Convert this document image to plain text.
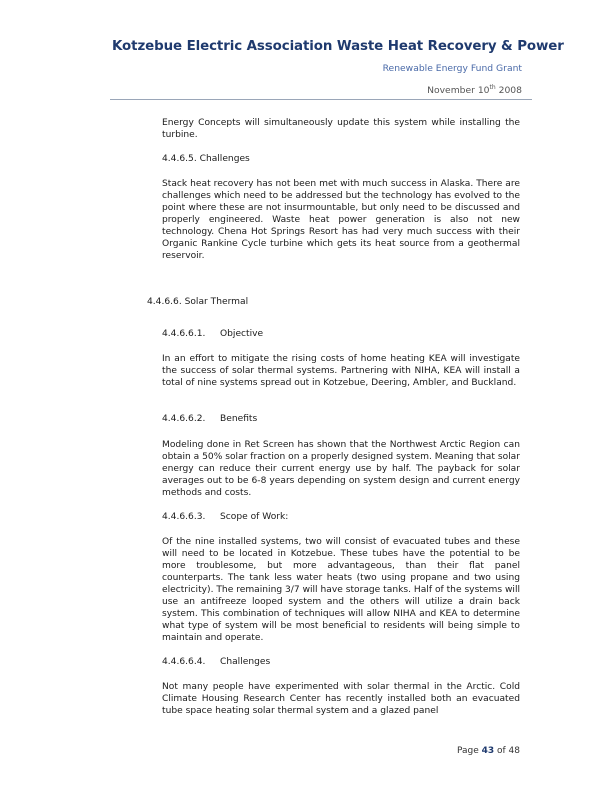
Kotzebue Electric Association Waste Heat Recovery & Power
Renewable Energy Fund Grant
November 10th 2008
Energy Concepts will simultaneously update this system while installing the turbine.
4.4.6.5. Challenges
Stack heat recovery has not been met with much success in Alaska. There are challenges which need to be addressed but the technology has evolved to the point where these are not insurmountable, but only need to be discussed and properly engineered. Waste heat power generation is also not new technology. Chena Hot Springs Resort has had very much success with their Organic Rankine Cycle turbine which gets its heat source from a geothermal reservoir.
4.4.6.6. Solar Thermal
4.4.6.6.1. Objective
In an effort to mitigate the rising costs of home heating KEA will investigate the success of solar thermal systems. Partnering with NIHA, KEA will install a total of nine systems spread out in Kotzebue, Deering, Ambler, and Buckland.
4.4.6.6.2. Benefits
Modeling done in Ret Screen has shown that the Northwest Arctic Region can obtain a 50% solar fraction on a properly designed system. Meaning that solar energy can reduce their current energy use by half. The payback for solar averages out to be 6-8 years depending on system design and current energy methods and costs.
4.4.6.6.3. Scope of Work:
Of the nine installed systems, two will consist of evacuated tubes and these will need to be located in Kotzebue. These tubes have the potential to be more troublesome, but more advantageous, than their flat panel counterparts. The tank less water heats (two using propane and two using electricity). The remaining 3/7 will have storage tanks. Half of the systems will use an antifreeze looped system and the others will utilize a drain back system. This combination of techniques will allow NIHA and KEA to determine what type of system will be most beneficial to residents will being simple to maintain and operate.
4.4.6.6.4. Challenges
Not many people have experimented with solar thermal in the Arctic. Cold Climate Housing Research Center has recently installed both an evacuated tube space heating solar thermal system and a glazed panel
Page 43 of 48
